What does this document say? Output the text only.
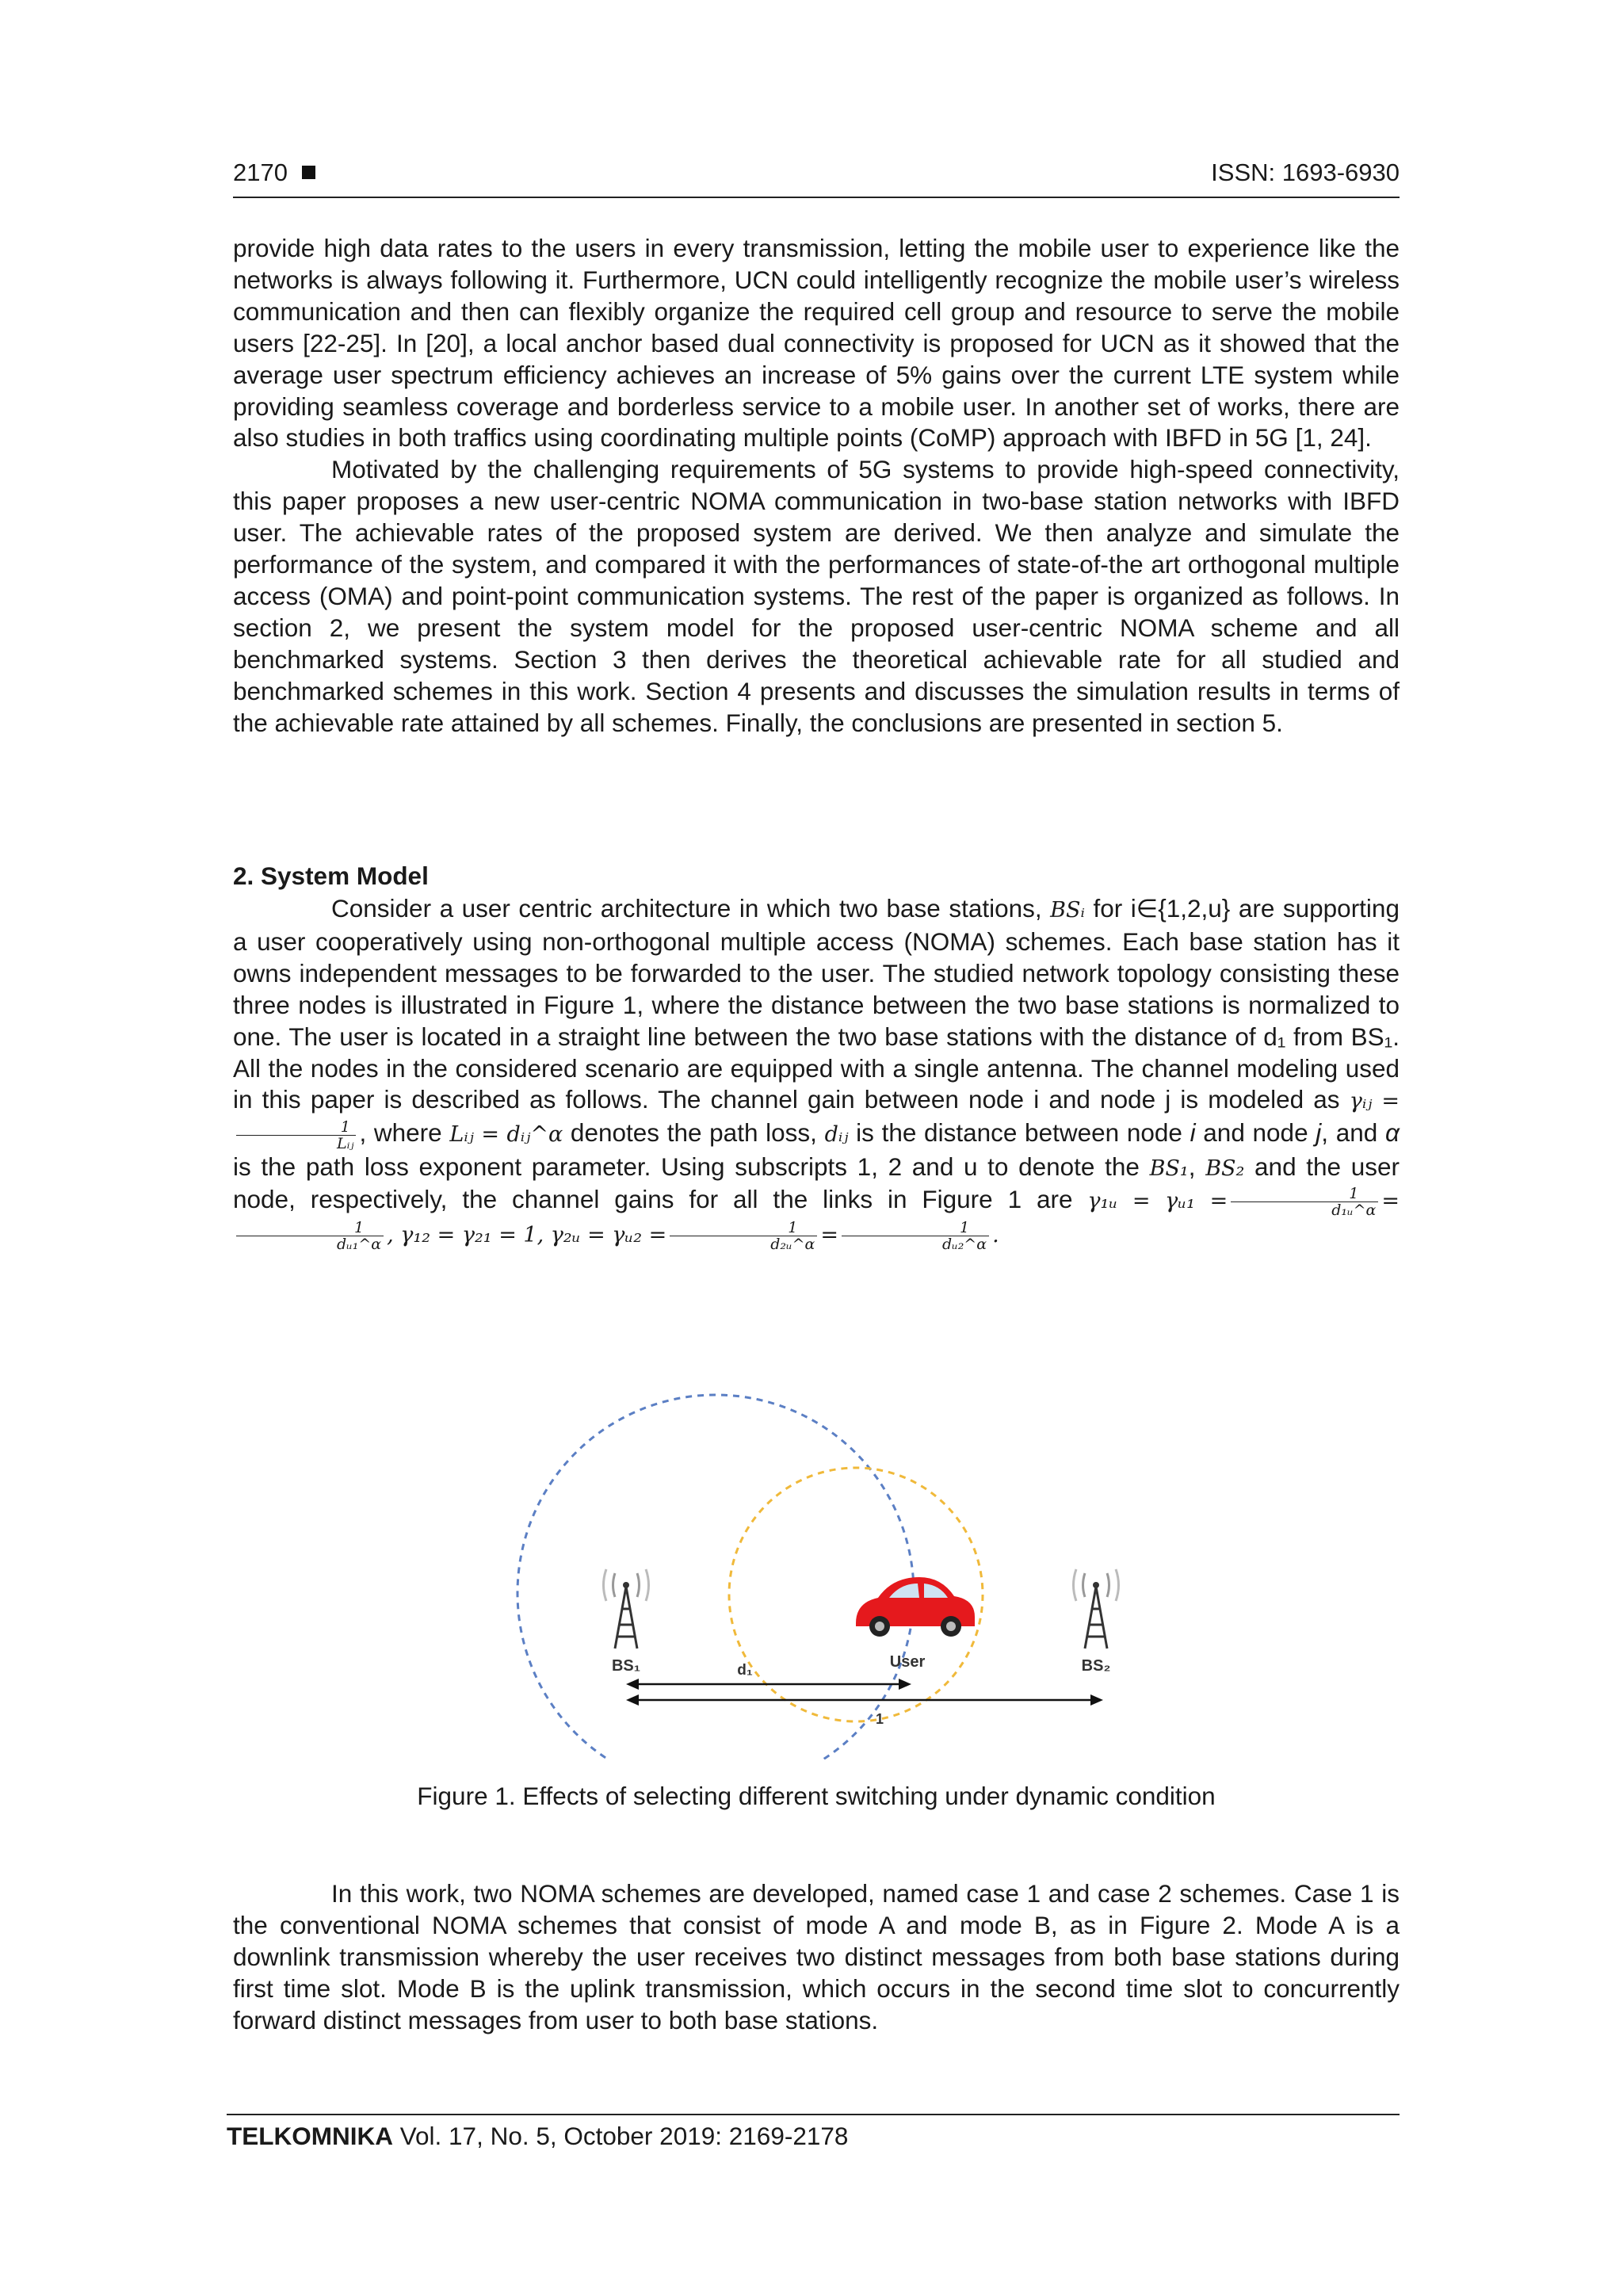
2170	ISSN: 1693-6930

provide high data rates to the users in every transmission, letting the mobile user to experience like the networks is always following it. Furthermore, UCN could intelligently recognize the mobile user’s wireless communication and then can flexibly organize the required cell group and resource to serve the mobile users [22-25]. In [20], a local anchor based dual connectivity is proposed for UCN as it showed that the average user spectrum efficiency achieves an increase of 5% gains over the current LTE system while providing seamless coverage and borderless service to a mobile user. In another set of works, there are also studies in both traffics using coordinating multiple points (CoMP) approach with IBFD in 5G [1, 24].

Motivated by the challenging requirements of 5G systems to provide high-speed connectivity, this paper proposes a new user-centric NOMA communication in two-base station networks with IBFD user. The achievable rates of the proposed system are derived. We then analyze and simulate the performance of the system, and compared it with the performances of state-of-the art orthogonal multiple access (OMA) and point-point communication systems. The rest of the paper is organized as follows. In section 2, we present the system model for the proposed user-centric NOMA scheme and all benchmarked systems. Section 3 then derives the theoretical achievable rate for all studied and benchmarked schemes in this work. Section 4 presents and discusses the simulation results in terms of the achievable rate attained by all schemes. Finally, the conclusions are presented in section 5.

2. System Model
Consider a user centric architecture in which two base stations, BSᵢ for i∈{1,2,u} are supporting a user cooperatively using non-orthogonal multiple access (NOMA) schemes. Each base station has it owns independent messages to be forwarded to the user. The studied network topology consisting these three nodes is illustrated in Figure 1, where the distance between the two base stations is normalized to one. The user is located in a straight line between the two base stations with the distance of d₁ from BS₁. All the nodes in the considered scenario are equipped with a single antenna. The channel modeling used in this paper is described as follows. The channel gain between node i and node j is modeled as γᵢⱼ =
$\frac{1}{\text{Lᵢⱼ}}$ , where Lᵢⱼ = dᵢⱼ^α denotes the path loss, dᵢⱼ is the distance between node i and node j, and α is the path loss exponent parameter. Using subscripts 1, 2 and u to denote the BS₁, BS₂ and the user node, respectively, the channel gains for all the links in Figure 1 are γ₁ᵤ = γᵤ₁ = $\frac{1}{\text{d₁ᵤ\textasciicircum{}α}}$ =
$\frac{1}{\text{dᵤ₁\textasciicircum{}α}}$ , γ₁₂ = γ₂₁ = 1, γ₂ᵤ = γᵤ₂ = $\frac{1}{\text{d₂ᵤ\textasciicircum{}α}} = \frac{1}{\text{dᵤ₂\textasciicircum{}α}}$ .
BS₁	BS₂
User
d₁
1
Figure 1. Effects of selecting different switching under dynamic condition
In this work, two NOMA schemes are developed, named case 1 and case 2 schemes. Case 1 is the conventional NOMA schemes that consist of mode A and mode B, as in Figure 2. Mode A is a downlink transmission whereby the user receives two distinct messages from both base stations during first time slot. Mode B is the uplink transmission, which occurs in the second time slot to concurrently forward distinct messages from user to both base stations.
TELKOMNIKA Vol. 17, No. 5, October 2019: 2169-2178
